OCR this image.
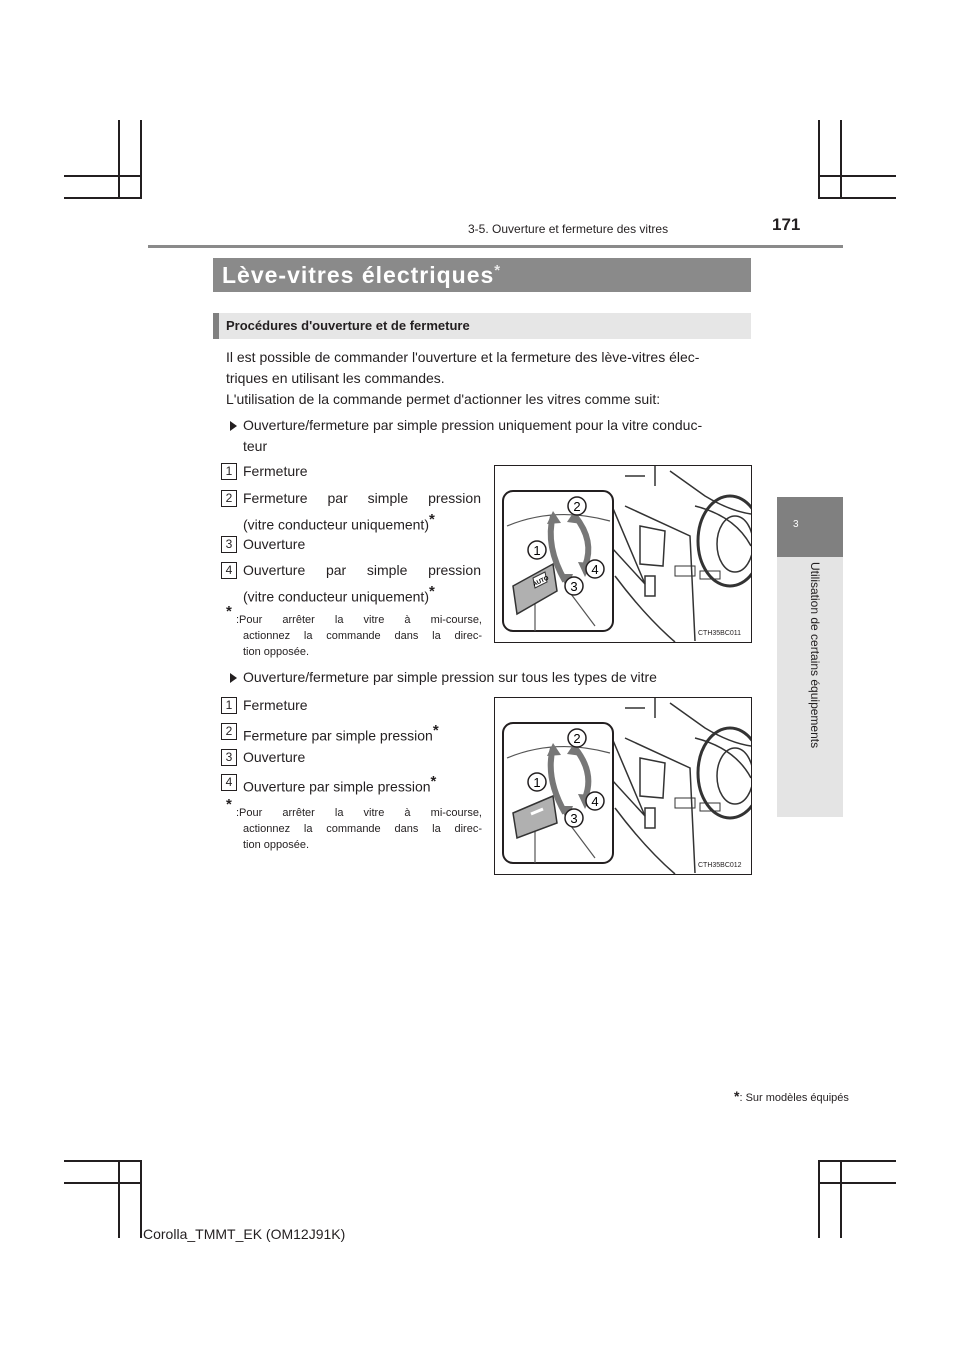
3-5. Ouverture et fermeture des vitres	171
3
Utilisation de certains équipements
Lève-vitres électriques*
Procédures d'ouverture et de fermeture
Il est possible de commander l'ouverture et la fermeture des lève-vitres élec-
triques en utilisant les commandes.
L'utilisation de la commande permet d'actionner les vitres comme suit:
Ouverture/fermeture par simple pression uniquement pour la vitre conduc-
teur
1 Fermeture
2 Fermeture par simple pression
(vitre conducteur uniquement)*
3 Ouverture
4 Ouverture par simple pression
(vitre conducteur uniquement)*
* :Pour arrêter la vitre à mi-course,
actionnez la commande dans la direc-
tion opposée.
AUTO
2
1
4
3
CTH35BC011
Ouverture/fermeture par simple pression sur tous les types de vitre
1 Fermeture
2 Fermeture par simple pression*
3 Ouverture
4 Ouverture par simple pression*
* :Pour arrêter la vitre à mi-course,
actionnez la commande dans la direc-
tion opposée.
2
1
4
3
CTH35BC012
*: Sur modèles équipés
Corolla_TMMT_EK (OM12J91K)
